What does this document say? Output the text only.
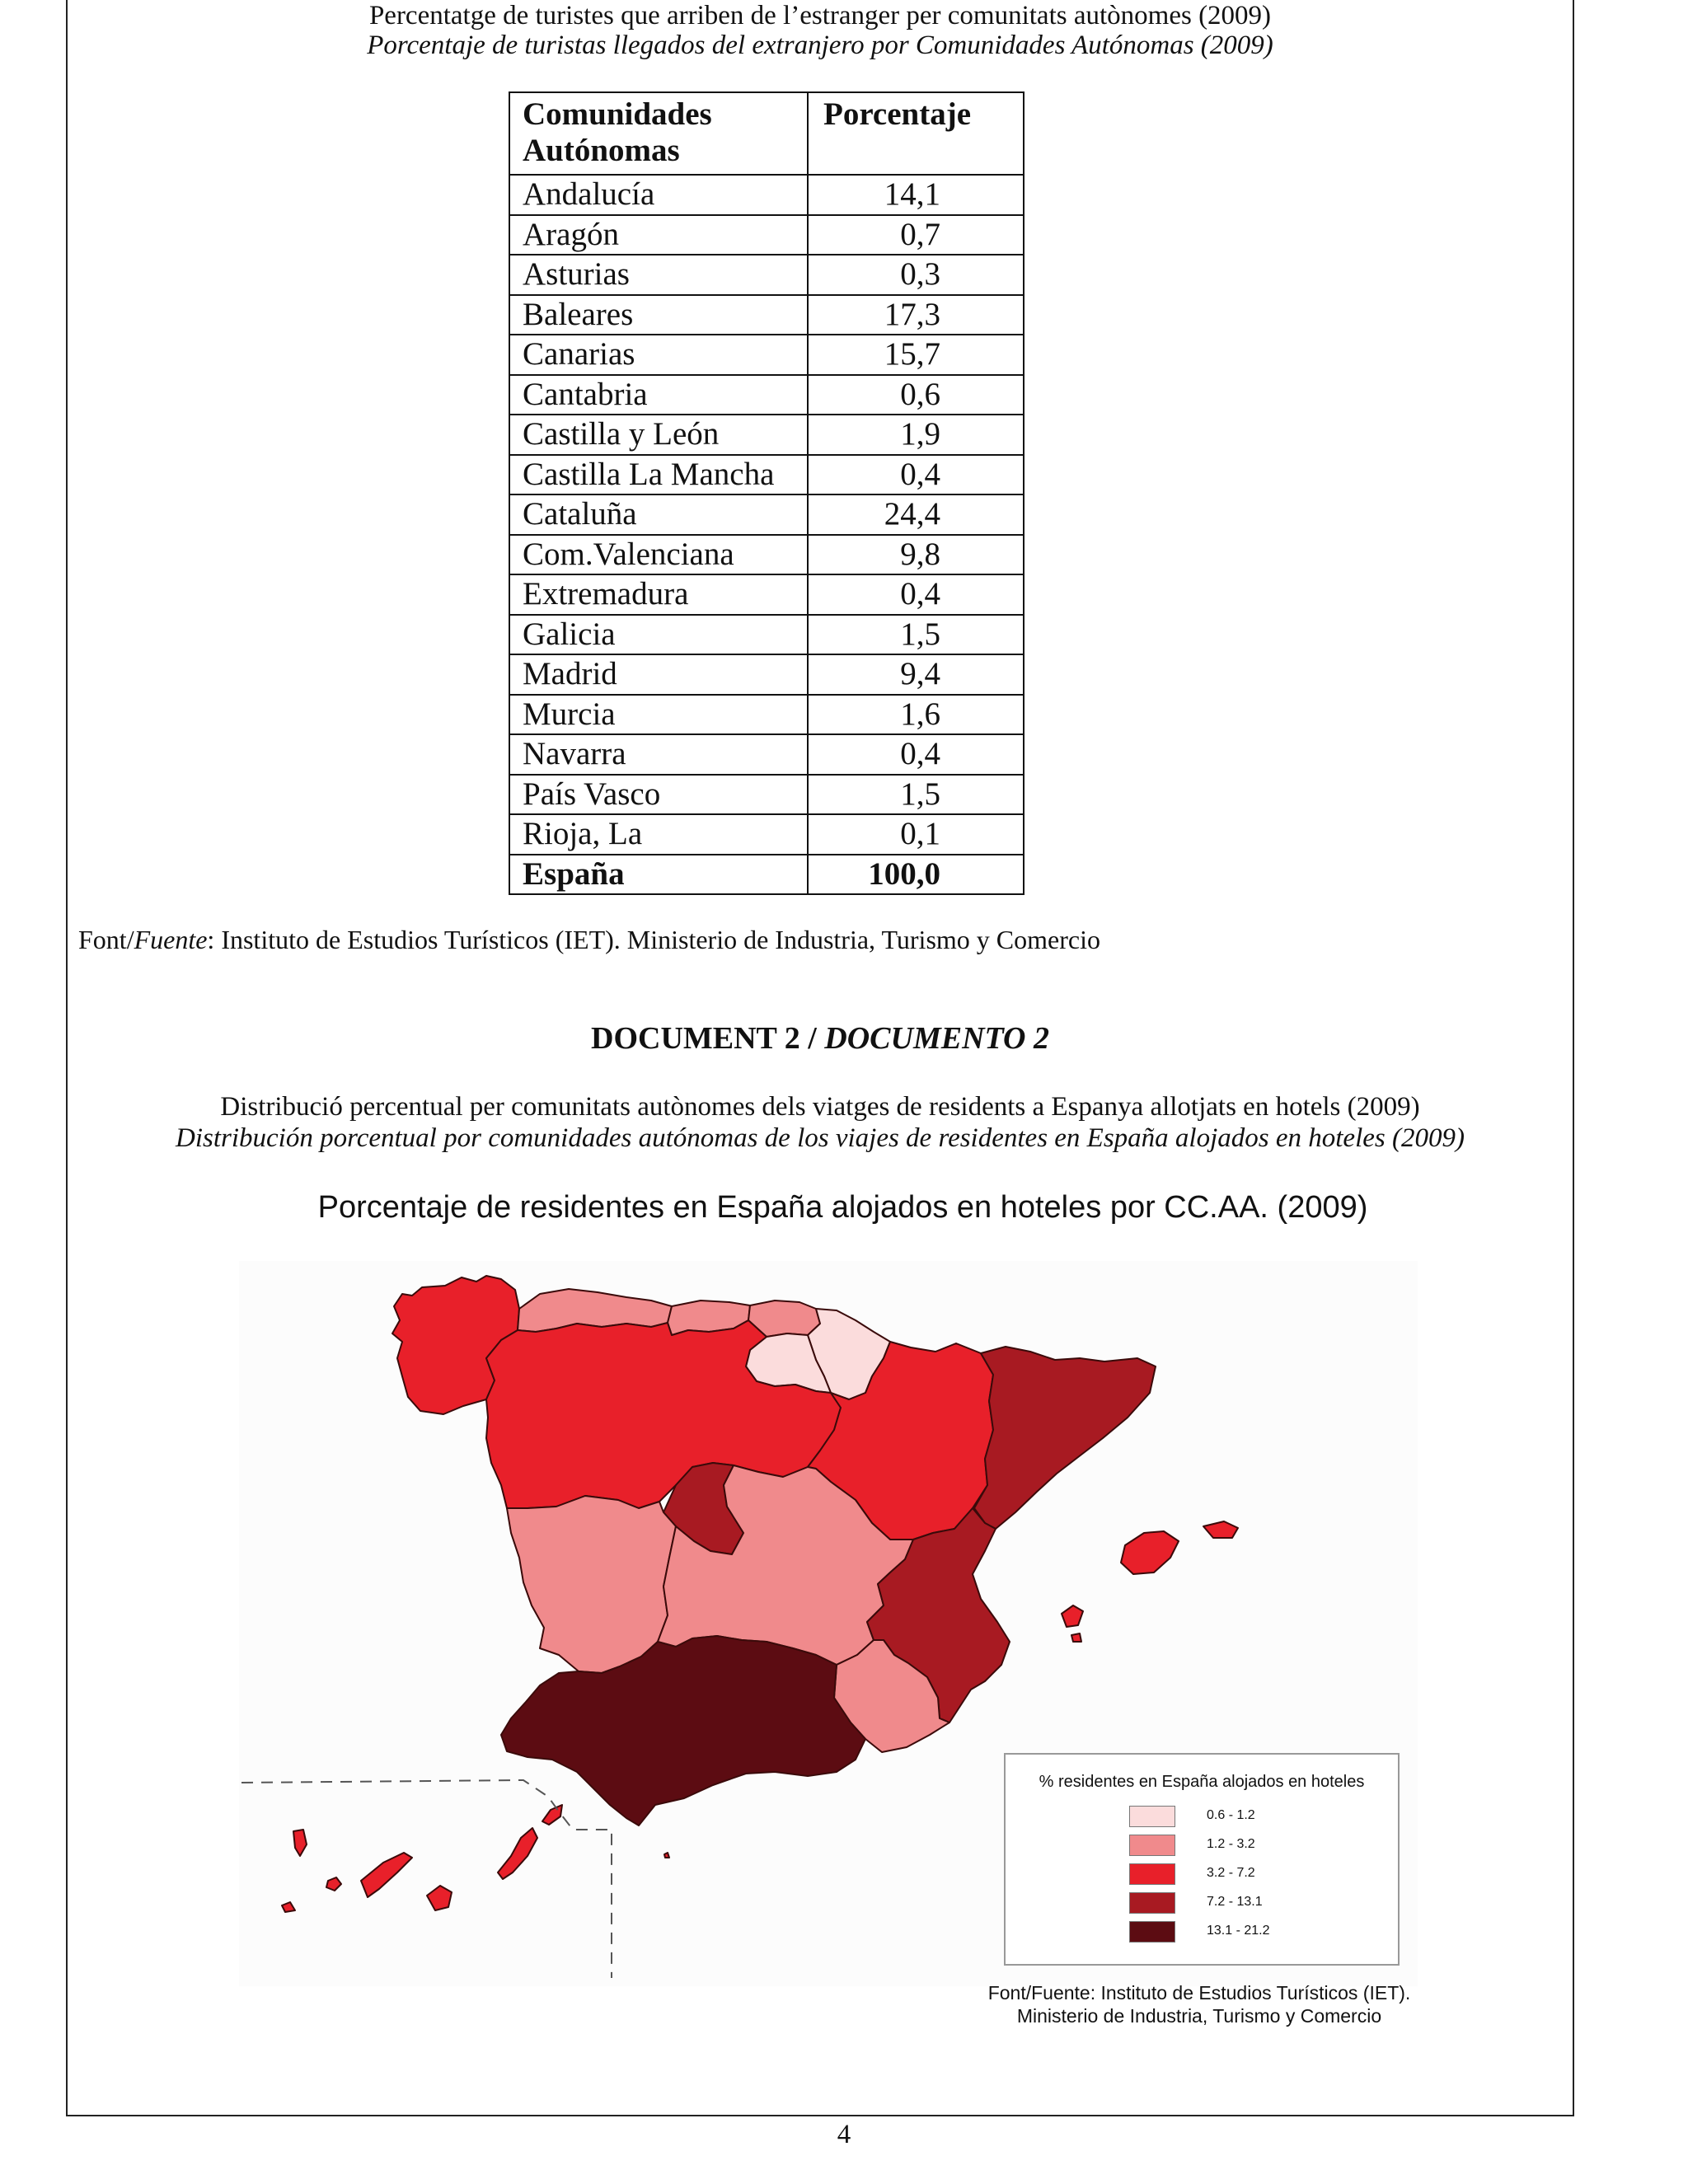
Percentatge de turistes que arriben de l’estranger per comunitats autònomes (2009)
Porcentaje de turistas llegados del extranjero por Comunidades Autónomas (2009)
Comunidades Autónomas	Porcentaje
Andalucía	14,1
Aragón	0,7
Asturias	0,3
Baleares	17,3
Canarias	15,7
Cantabria	0,6
Castilla y León	1,9
Castilla La Mancha	0,4
Cataluña	24,4
Com.Valenciana	9,8
Extremadura	0,4
Galicia	1,5
Madrid	9,4
Murcia	1,6
Navarra	0,4
País Vasco	1,5
Rioja, La	0,1
España	100,0
Font/Fuente: Instituto de Estudios Turísticos (IET). Ministerio de Industria, Turismo y Comercio
DOCUMENT 2 / DOCUMENTO 2
Distribució percentual per comunitats autònomes dels viatges de residents a Espanya allotjats en hotels (2009)
Distribución porcentual por comunidades autónomas de los viajes de residentes en España alojados en hoteles (2009)
Porcentaje de residentes en España alojados en hoteles por CC.AA. (2009)
% residentes en España alojados en hoteles
0.6 - 1.2
1.2 - 3.2
3.2 - 7.2
7.2 - 13.1
13.1 - 21.2
Font/Fuente: Instituto de Estudios Turísticos (IET).
Ministerio de Industria, Turismo y Comercio
4
